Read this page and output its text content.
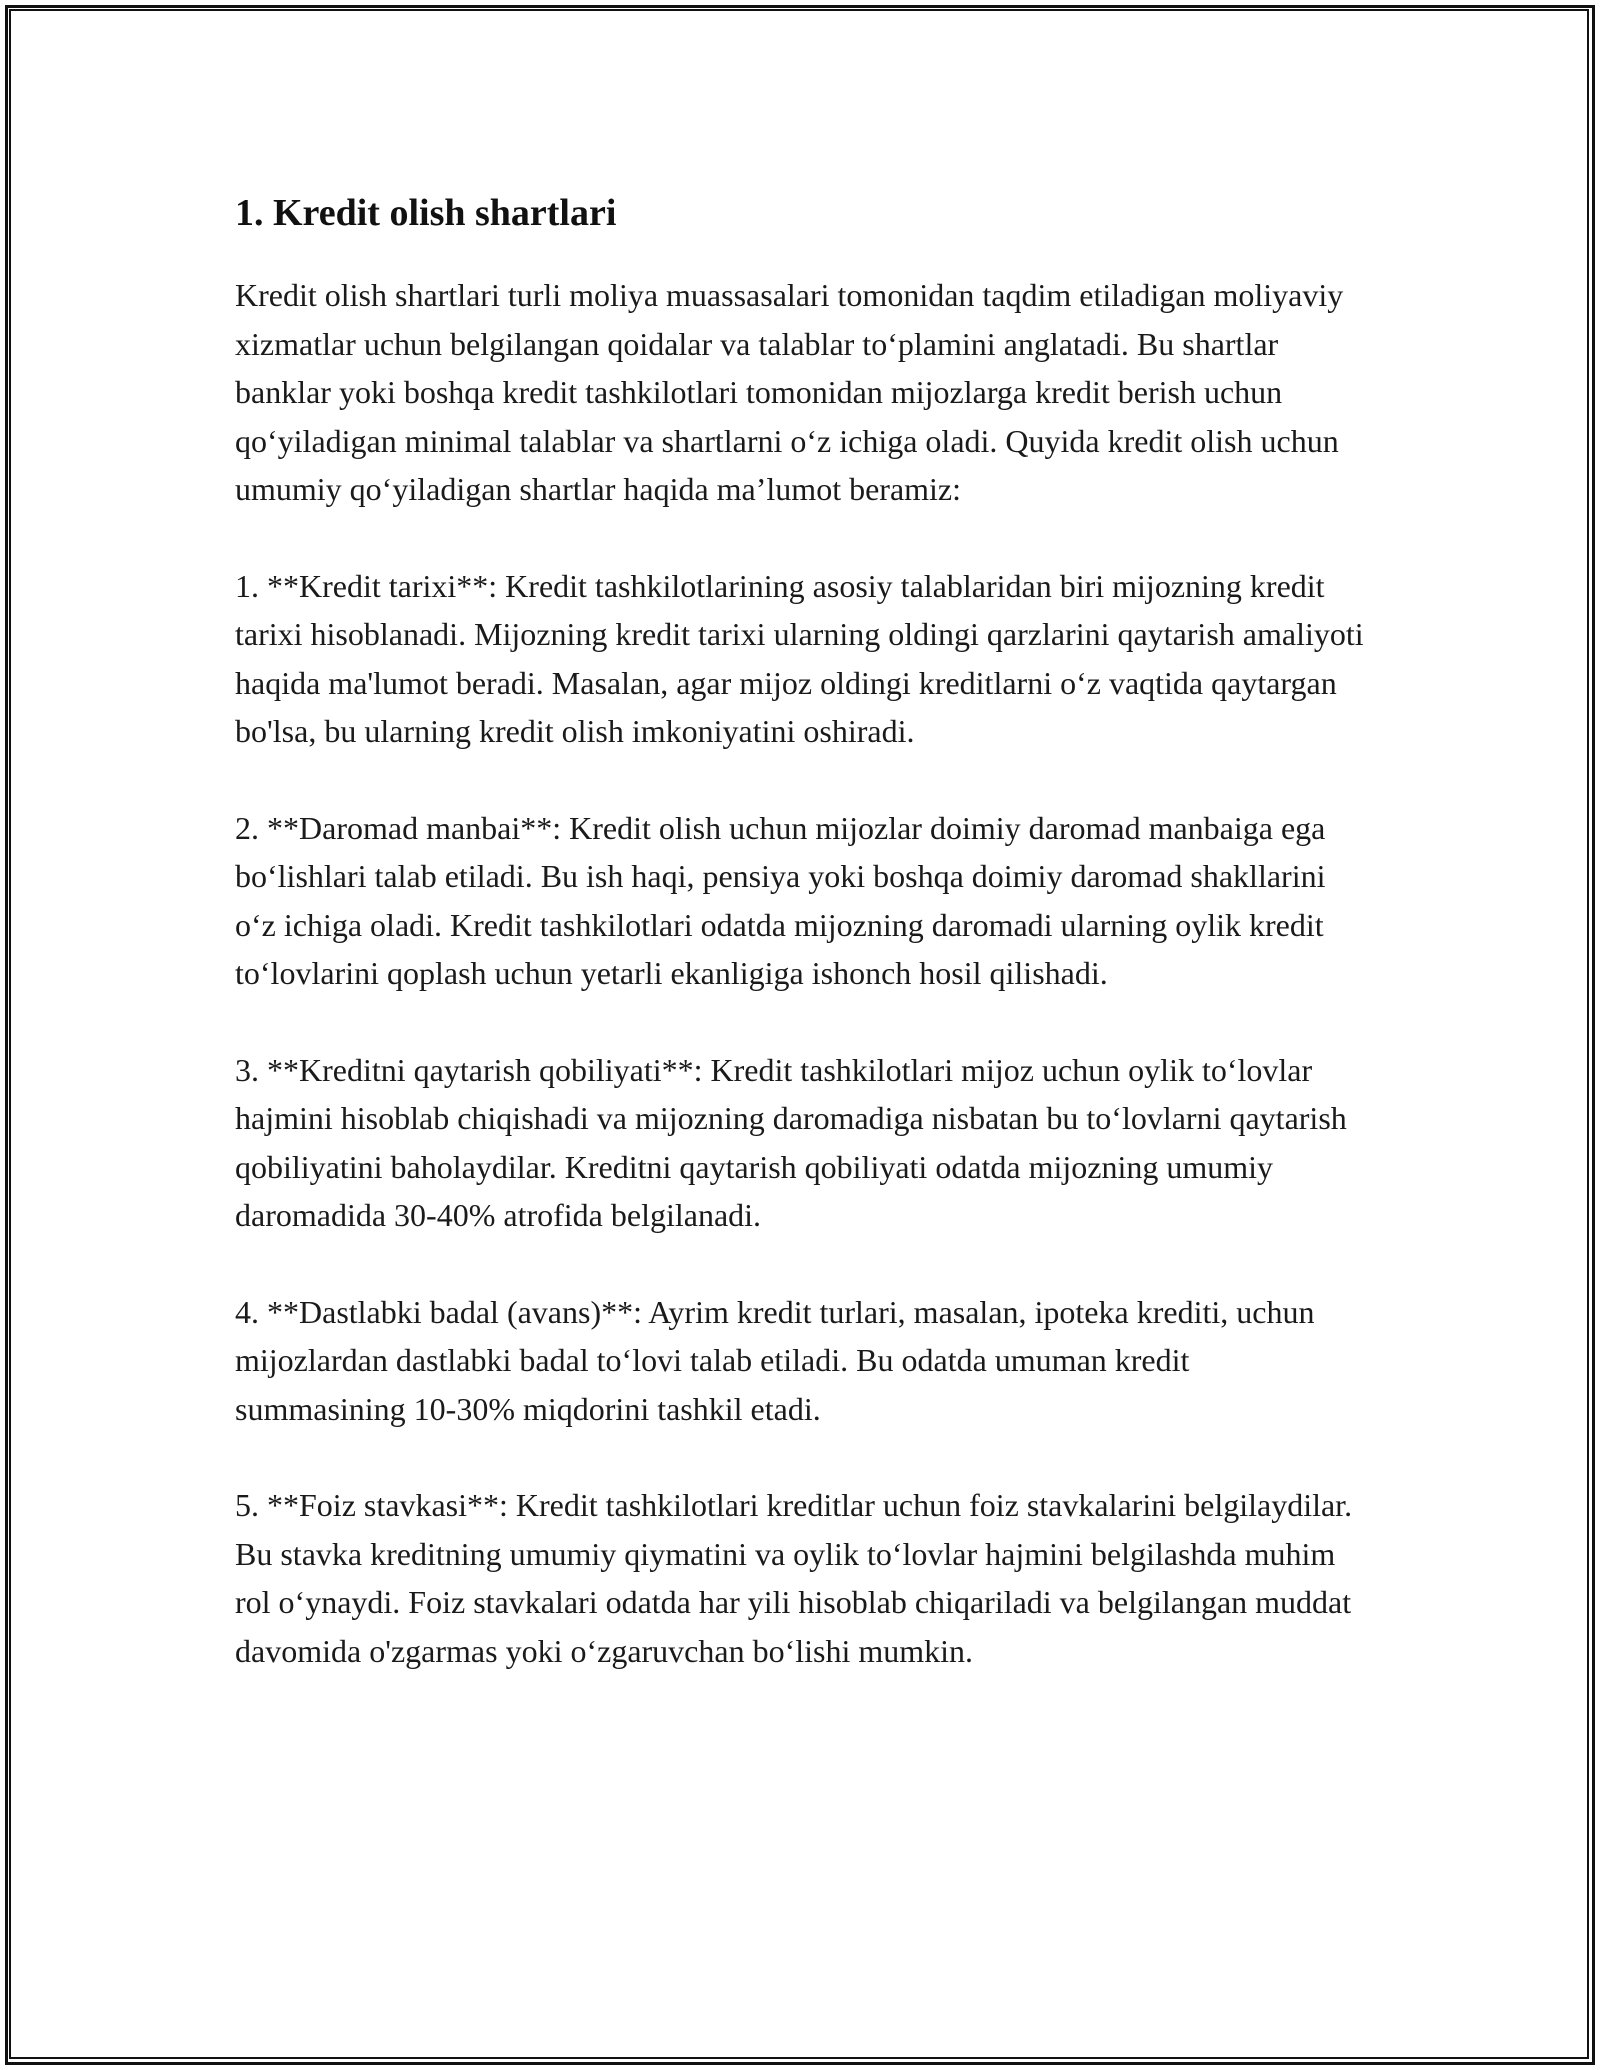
1. Kredit olish shartlari

Kredit olish shartlari turli moliya muassasalari tomonidan taqdim etiladigan moliyaviy xizmatlar uchun belgilangan qoidalar va talablar to‘plamini anglatadi. Bu shartlar banklar yoki boshqa kredit tashkilotlari tomonidan mijozlarga kredit berish uchun qo‘yiladigan minimal talablar va shartlarni o‘z ichiga oladi. Quyida kredit olish uchun umumiy qo‘yiladigan shartlar haqida ma’lumot beramiz:

1. **Kredit tarixi**: Kredit tashkilotlarining asosiy talablaridan biri mijozning kredit tarixi hisoblanadi. Mijozning kredit tarixi ularning oldingi qarzlarini qaytarish amaliyoti haqida ma'lumot beradi. Masalan, agar mijoz oldingi kreditlarni o‘z vaqtida qaytargan bo'lsa, bu ularning kredit olish imkoniyatini oshiradi.

2. **Daromad manbai**: Kredit olish uchun mijozlar doimiy daromad manbaiga ega bo‘lishlari talab etiladi. Bu ish haqi, pensiya yoki boshqa doimiy daromad shakllarini o‘z ichiga oladi. Kredit tashkilotlari odatda mijozning daromadi ularning oylik kredit to‘lovlarini qoplash uchun yetarli ekanligiga ishonch hosil qilishadi.

3. **Kreditni qaytarish qobiliyati**: Kredit tashkilotlari mijoz uchun oylik to‘lovlar hajmini hisoblab chiqishadi va mijozning daromadiga nisbatan bu to‘lovlarni qaytarish qobiliyatini baholaydilar. Kreditni qaytarish qobiliyati odatda mijozning umumiy daromadida 30-40% atrofida belgilanadi.

4. **Dastlabki badal (avans)**: Ayrim kredit turlari, masalan, ipoteka krediti, uchun mijozlardan dastlabki badal to‘lovi talab etiladi. Bu odatda umuman kredit summasining 10-30% miqdorini tashkil etadi.

5. **Foiz stavkasi**: Kredit tashkilotlari kreditlar uchun foiz stavkalarini belgilaydilar. Bu stavka kreditning umumiy qiymatini va oylik to‘lovlar hajmini belgilashda muhim rol o‘ynaydi. Foiz stavkalari odatda har yili hisoblab chiqariladi va belgilangan muddat davomida o'zgarmas yoki o‘zgaruvchan bo‘lishi mumkin.
